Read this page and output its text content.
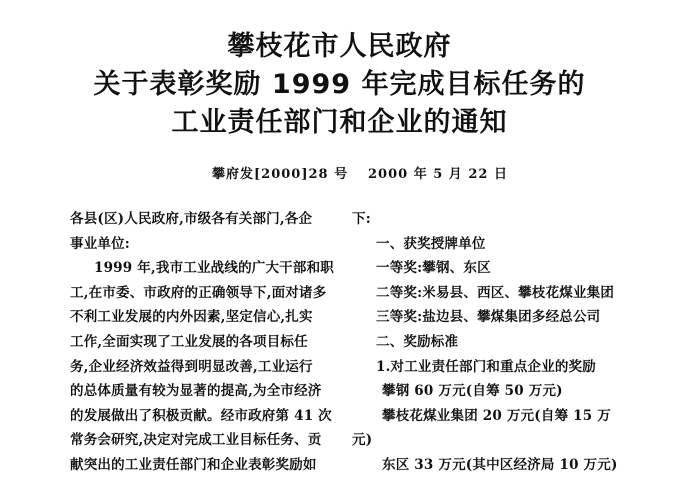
攀枝花市人民政府
关于表彰奖励 1999 年完成目标任务的
工业责任部门和企业的通知
攀府发[2000]28 号 2000 年 5 月 22 日
各县(区)人民政府,市级各有关部门,各企
事业单位:
1999 年,我市工业战线的广大干部和职
工,在市委、市政府的正确领导下,面对诸多
不利工业发展的内外因素,坚定信心,扎实
工作,全面实现了工业发展的各项目标任
务,企业经济效益得到明显改善,工业运行
的总体质量有较为显著的提高,为全市经济
的发展做出了积极贡献。经市政府第 41 次
常务会研究,决定对完成工业目标任务、贡
献突出的工业责任部门和企业表彰奖励如
下:
一、获奖授牌单位
一等奖:攀钢、东区
二等奖:米易县、西区、攀枝花煤业集团
三等奖:盐边县、攀煤集团多经总公司
二、奖励标准
1.对工业责任部门和重点企业的奖励
攀钢 60 万元(自筹 50 万元)
攀枝花煤业集团 20 万元(自筹 15 万
元)
东区 33 万元(其中区经济局 10 万元)
